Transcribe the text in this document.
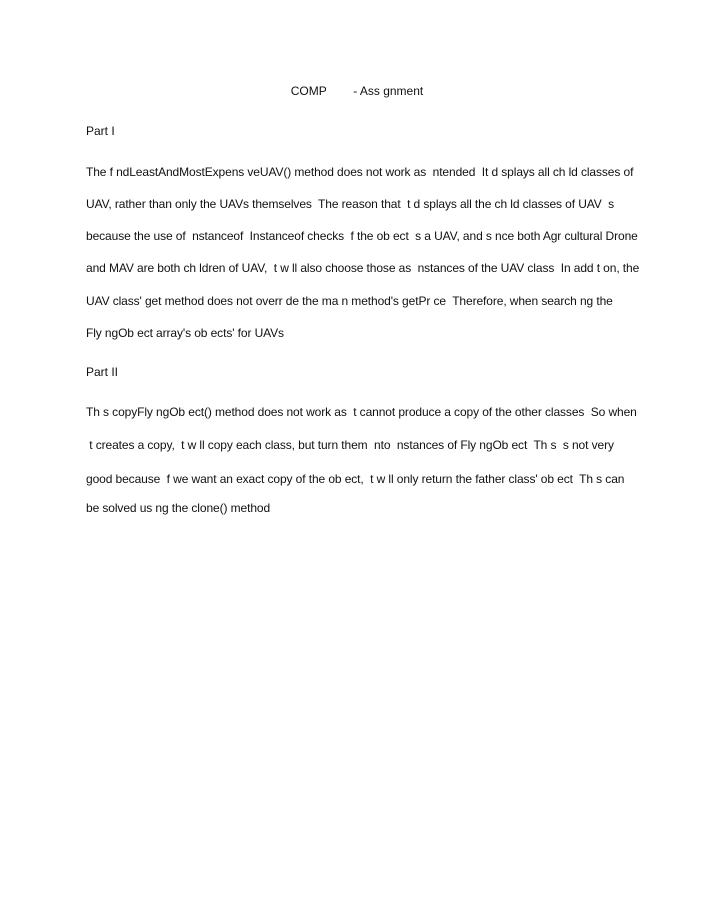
COMP        - Ass gnment
Part I
The f ndLeastAndMostExpens veUAV() method does not work as  ntended  It d splays all ch ld classes of
UAV, rather than only the UAVs themselves  The reason that  t d splays all the ch ld classes of UAV  s
because the use of  nstanceof  Instanceof checks  f the ob ect  s a UAV, and s nce both Agr cultural Drone
and MAV are both ch ldren of UAV,  t w ll also choose those as  nstances of the UAV class  In add t on, the
UAV class' get method does not overr de the ma n method's getPr ce  Therefore, when search ng the
Fly ngOb ect array's ob ects' for UAVs
Part II
Th s copyFly ngOb ect() method does not work as  t cannot produce a copy of the other classes  So when
t creates a copy,  t w ll copy each class, but turn them  nto  nstances of Fly ngOb ect  Th s  s not very
good because  f we want an exact copy of the ob ect,  t w ll only return the father class' ob ect  Th s can
be solved us ng the clone() method
